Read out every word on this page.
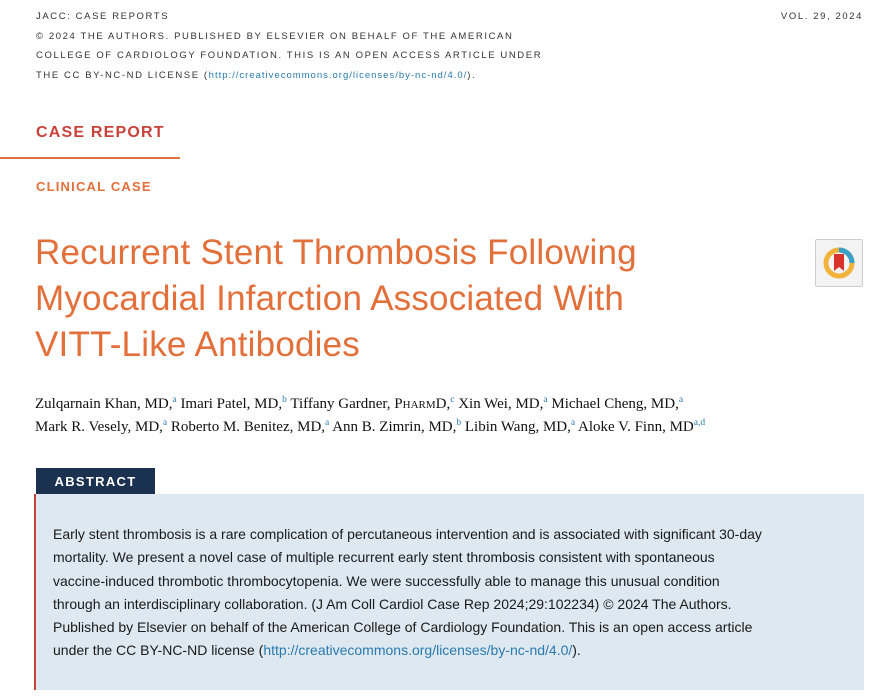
JACC: CASE REPORTS
© 2024 THE AUTHORS. PUBLISHED BY ELSEVIER ON BEHALF OF THE AMERICAN
COLLEGE OF CARDIOLOGY FOUNDATION. THIS IS AN OPEN ACCESS ARTICLE UNDER
THE CC BY-NC-ND LICENSE (http://creativecommons.org/licenses/by-nc-nd/4.0/).
VOL. 29, 2024
CASE REPORT
CLINICAL CASE
Recurrent Stent Thrombosis Following
Myocardial Infarction Associated With
VITT-Like Antibodies
Zulqarnain Khan, MD,$^a$ Imari Patel, MD,$^b$ Tiffany Gardner, PharmD,$^c$ Xin Wei, MD,$^a$ Michael Cheng, MD,$^a$
Mark R. Vesely, MD,$^a$ Roberto M. Benitez, MD,$^a$ Ann B. Zimrin, MD,$^b$ Libin Wang, MD,$^a$ Aloke V. Finn, MD$^{a,d}$
ABSTRACT
Early stent thrombosis is a rare complication of percutaneous intervention and is associated with significant 30-day
mortality. We present a novel case of multiple recurrent early stent thrombosis consistent with spontaneous
vaccine-induced thrombotic thrombocytopenia. We were successfully able to manage this unusual condition
through an interdisciplinary collaboration. (J Am Coll Cardiol Case Rep 2024;29:102234) © 2024 The Authors.
Published by Elsevier on behalf of the American College of Cardiology Foundation. This is an open access article
under the CC BY-NC-ND license (http://creativecommons.org/licenses/by-nc-nd/4.0/).
